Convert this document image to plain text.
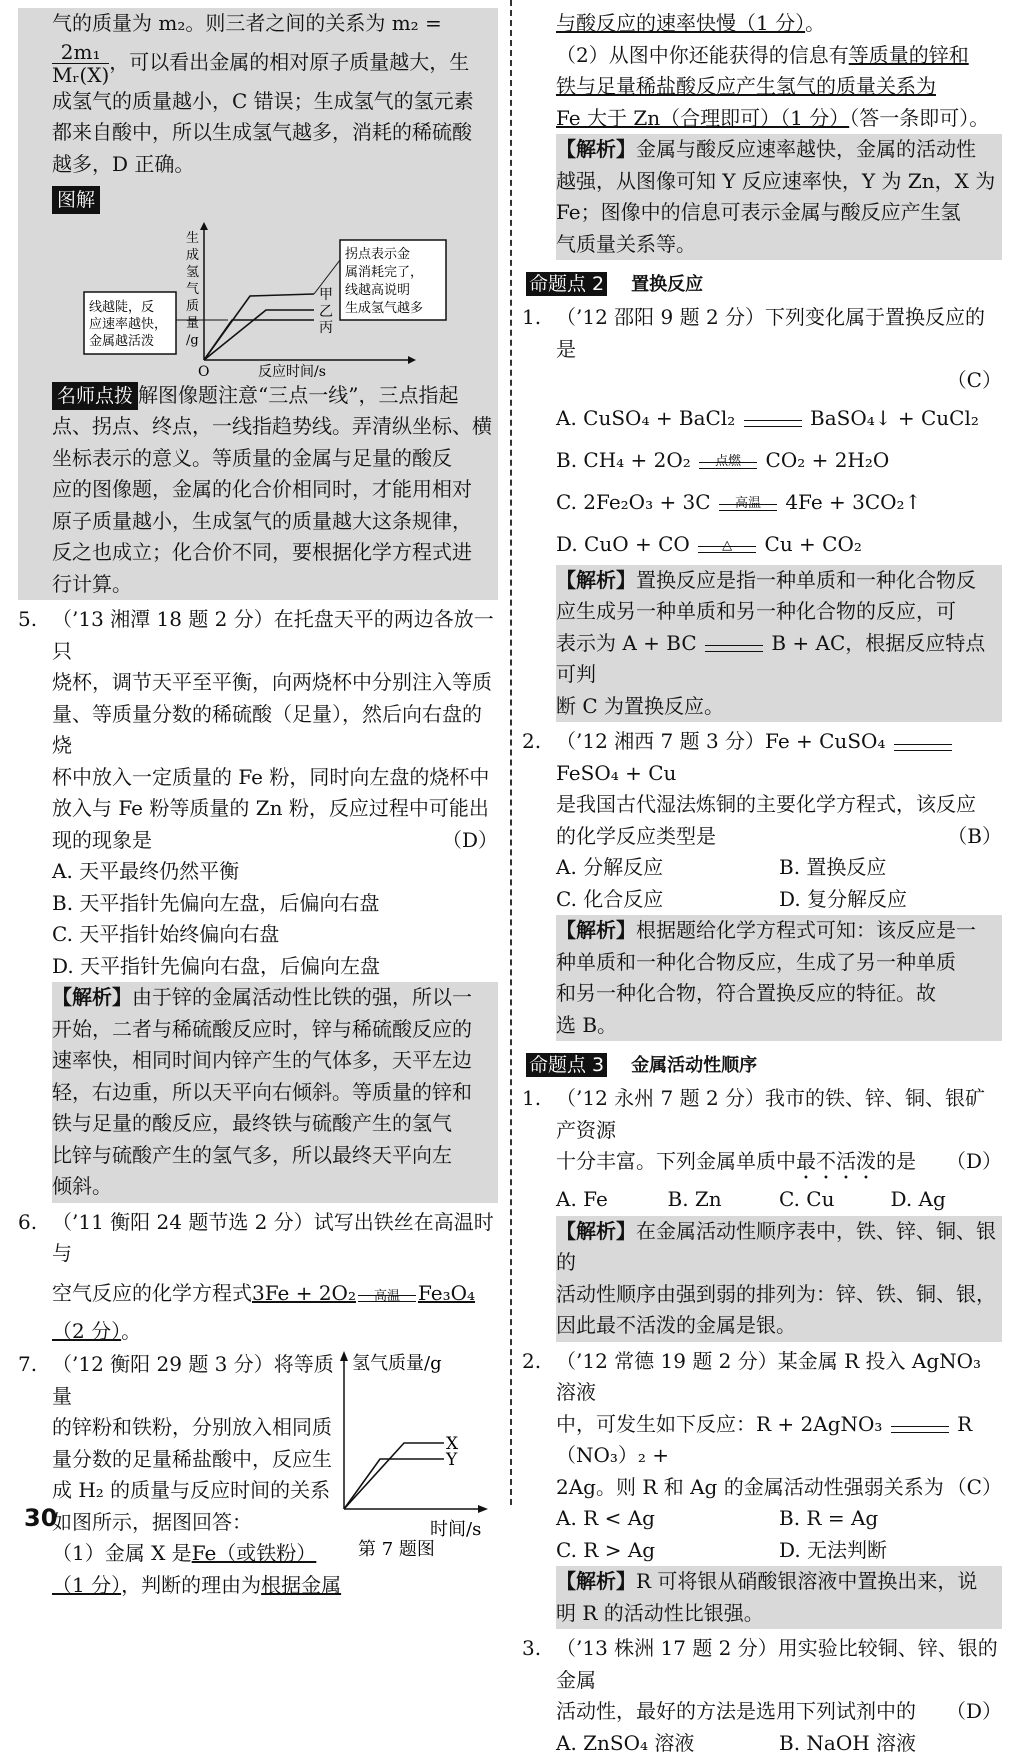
气的质量为 m₂。则三者之间的关系为 m₂ =

$\frac{\text{2m₁}}{\text{Mᵣ(X)}}$ ，可以看出金属的相对原子质量越大，生

成氢气的质量越小，C 错误；生成氢气的氢元素

都来自酸中，所以生成氢气越多，消耗的稀硫酸

越多，D 正确。

图解

生
成
氢
气
质
量
/g
反应时间/s
O
甲
乙
丙
线越陡，反
应速率越快，
金属越活泼
拐点表示金
属消耗完了，
线越高说明
生成氢气越多

名师点拨 解图像题注意“三点一线”，三点指起

点、拐点、终点，一线指趋势线。弄清纵坐标、横

坐标表示的意义。等质量的金属与足量的酸反

应的图像题，金属的化合价相同时，才能用相对

原子质量越小，生成氢气的质量越大这条规律，

反之也成立；化合价不同，要根据化学方程式进

行计算。

5. （’13 湘潭 18 题 2 分）在托盘天平的两边各放一只
烧杯，调节天平至平衡，向两烧杯中分别注入等质
量、等质量分数的稀硫酸（足量），然后向右盘的烧
杯中放入一定质量的 Fe 粉，同时向左盘的烧杯中
放入与 Fe 粉等质量的 Zn 粉，反应过程中可能出
现的现象是	（D）
A. 天平最终仍然平衡
B. 天平指针先偏向左盘，后偏向右盘
C. 天平指针始终偏向右盘
D. 天平指针先偏向右盘，后偏向左盘
【解析】由于锌的金属活动性比铁的强，所以一
开始，二者与稀硫酸反应时，锌与稀硫酸反应的
速率快，相同时间内锌产生的气体多，天平左边
轻，右边重，所以天平向右倾斜。等质量的锌和
铁与足量的酸反应，最终铁与硫酸产生的氢气
比锌与硫酸产生的氢气多，所以最终天平向左
倾斜。
6. （’11 衡阳 24 题节选 2 分）试写出铁丝在高温时与
空气反应的化学方程式3Fe + 2O₂	高温 Fe₃O₄
（2 分）。
7. （’12 衡阳 29 题 3 分）将等质量
的锌粉和铁粉，分别放入相同质
量分数的足量稀盐酸中，反应生
成 H₂ 的质量与反应时间的关系
如图所示，据图回答：
（1）金属 X 是Fe（或铁粉）
（1 分），判断的理由为根据金属
氢气质量/g
X
Y
时间/s
第 7 题图
与酸反应的速率快慢（1 分）。
（2）从图中你还能获得的信息有等质量的锌和
铁与足量稀盐酸反应产生氢气的质量关系为
Fe 大于 Zn（合理即可）（1 分）（答一条即可）。
【解析】金属与酸反应速率越快，金属的活动性
越强，从图像可知 Y 反应速率快，Y 为 Zn，X 为
Fe；图像中的信息可表示金属与酸反应产生氢
气质量关系等。
命题点 2 置换反应
1. （’12 邵阳 9 题 2 分）下列变化属于置换反应的是
（C）
A. CuSO₄ + BaCl₂	BaSO₄↓ + CuCl₂
B. CH₄ + 2O₂	点燃	CO₂ + 2H₂O
C. 2Fe₂O₃ + 3C	高温	4Fe + 3CO₂↑
D. CuO + CO	△	Cu + CO₂
【解析】置换反应是指一种单质和一种化合物反
应生成另一种单质和另一种化合物的反应，可
表示为 A + BC	B + AC，根据反应特点可判
断 C 为置换反应。
2. （’12 湘西 7 题 3 分）Fe + CuSO₄
FeSO₄ + Cu
是我国古代湿法炼铜的主要化学方程式，该反应
的化学反应类型是	（B）
A. 分解反应	B. 置换反应
C. 化合反应	D. 复分解反应
【解析】根据题给化学方程式可知：该反应是一
种单质和一种化合物反应，生成了另一种单质
和另一种化合物，符合置换反应的特征。故
选 B。
命题点 3 金属活动性顺序
1. （’12 永州 7 题 2 分）我市的铁、锌、铜、银矿产资源
十分丰富。下列金属单质中最不活泼的是 （D）
A. Fe	B. Zn	C. Cu	D. Ag
【解析】在金属活动性顺序表中，铁、锌、铜、银的
活动性顺序由强到弱的排列为：锌、铁、铜、银，
因此最不活泼的金属是银。
2. （’12 常德 19 题 2 分）某金属 R 投入 AgNO₃ 溶液
中，可发生如下反应：R + 2AgNO₃	R（NO₃）₂ +
2Ag。则 R 和 Ag 的金属活动性强弱关系为 （C）
A. R < Ag	B. R = Ag
C. R > Ag	D. 无法判断
【解析】R 可将银从硝酸银溶液中置换出来，说
明 R 的活动性比银强。
3. （’13 株洲 17 题 2 分）用实验比较铜、锌、银的金属
活动性，最好的方法是选用下列试剂中的 （D）
A. ZnSO₄ 溶液	B. NaOH 溶液
30
